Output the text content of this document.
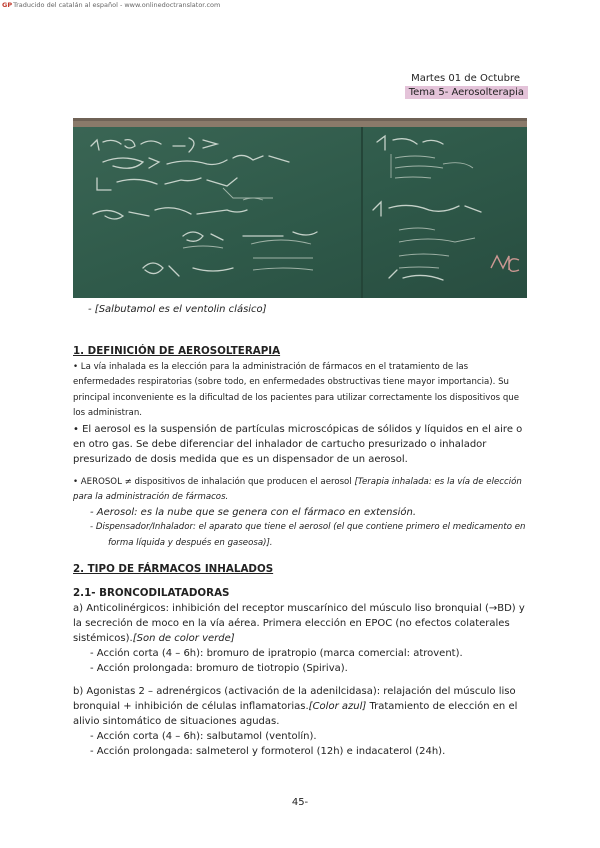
GPTraducido del catalán al español - www.onlinedoctranslator.com
Martes 01 de Octubre
Tema 5- Aerosolterapia
- [Salbutamol es el ventolin clásico]
1. DEFINICIÓN DE AEROSOLTERAPIA
• La vía inhalada es la elección para la administración de fármacos en el tratamiento de las enfermedades respiratorias (sobre todo, en enfermedades obstructivas tiene mayor importancia). Su principal inconveniente es la dificultad de los pacientes para utilizar correctamente los dispositivos que los administran.
• El aerosol es la suspensión de partículas microscópicas de sólidos y líquidos en el aire o en otro gas. Se debe diferenciar del inhalador de cartucho presurizado o inhalador presurizado de dosis medida que es un dispensador de un aerosol.
• AEROSOL ≠ dispositivos de inhalación que producen el aerosol [Terapia inhalada: es la vía de elección para la administración de fármacos.
- Aerosol: es la nube que se genera con el fármaco en extensión.
- Dispensador/Inhalador: el aparato que tiene el aerosol (el que contiene primero el medicamento en
forma líquida y después en gaseosa)].
2. TIPO DE FÁRMACOS INHALADOS
2.1- BRONCODILATADORAS
a) Anticolinérgicos: inhibición del receptor muscarínico del músculo liso bronquial (→BD) y la secreción de moco en la vía aérea. Primera elección en EPOC (no efectos colaterales sistémicos).[Son de color verde]
- Acción corta (4 – 6h): bromuro de ipratropio (marca comercial: atrovent).
- Acción prolongada: bromuro de tiotropio (Spiriva).
b) Agonistas 2 – adrenérgicos (activación de la adenilcidasa): relajación del músculo liso bronquial + inhibición de células inflamatorias.[Color azul] Tratamiento de elección en el alivio sintomático de situaciones agudas.
- Acción corta (4 – 6h): salbutamol (ventolín).
- Acción prolongada: salmeterol y formoterol (12h) e indacaterol (24h).
45-
